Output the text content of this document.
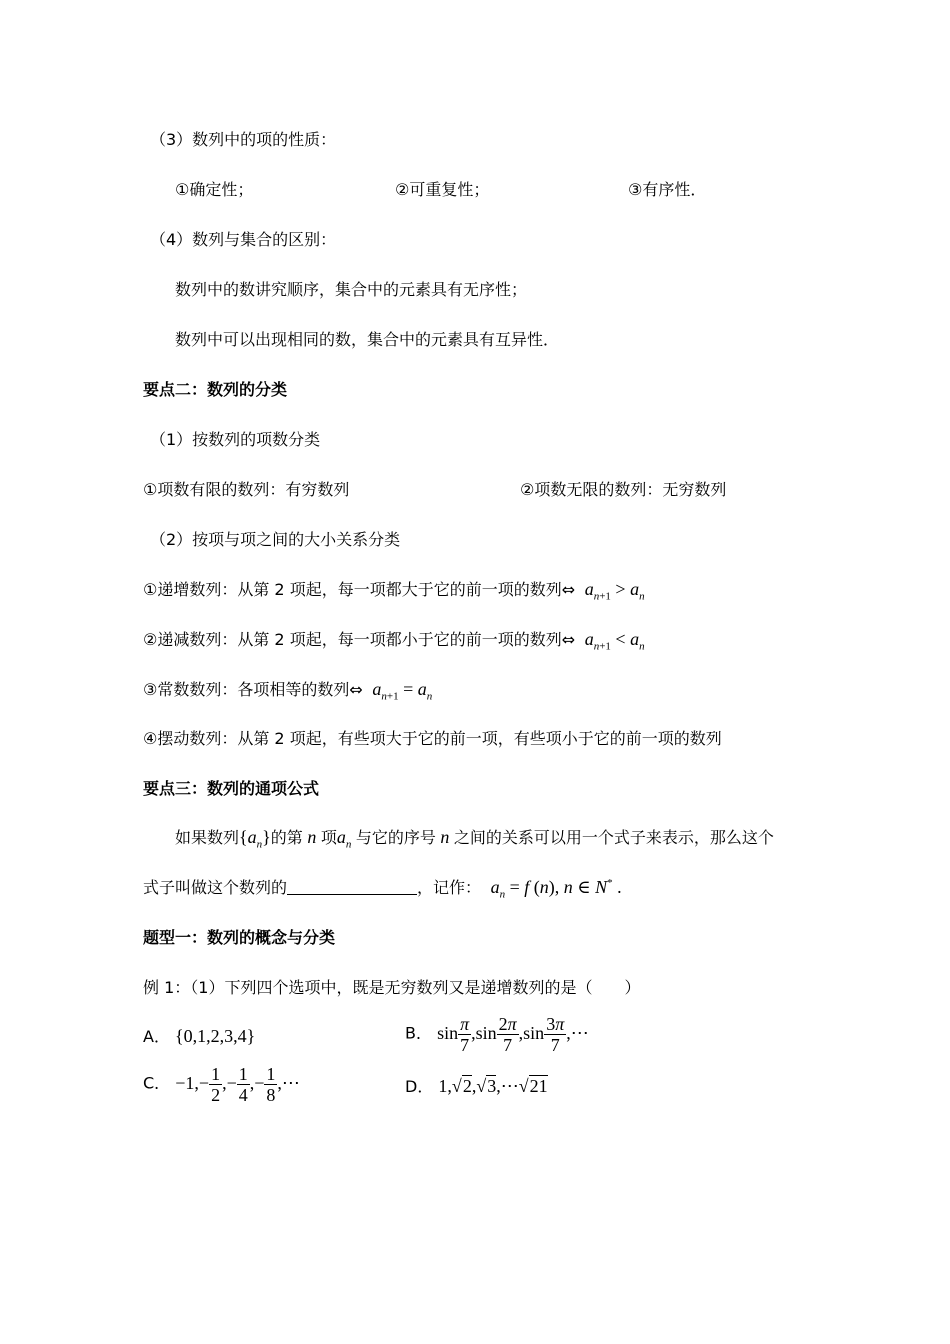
（3）数列中的项的性质：
①确定性；	②可重复性；	③有序性．
（4）数列与集合的区别：
数列中的数讲究顺序，集合中的元素具有无序性；
数列中可以出现相同的数，集合中的元素具有互异性．
要点二：数列的分类
（1）按数列的项数分类
①项数有限的数列：有穷数列	②项数无限的数列：无穷数列
（2）按项与项之间的大小关系分类
①递增数列：从第 2 项起，每一项都大于它的前一项的数列⇔ $a_{n+1} > a_n$
②递减数列：从第 2 项起，每一项都小于它的前一项的数列⇔ $a_{n+1} < a_n$
③常数数列：各项相等的数列⇔ $a_{n+1} = a_n$
④摆动数列：从第 2 项起，有些项大于它的前一项，有些项小于它的前一项的数列
要点三：数列的通项公式
如果数列$\{a_n\}$的第 n 项$a_n$ 与它的序号 n 之间的关系可以用一个式子来表示，那么这个
式子叫做这个数列的	，记作： $a_n = f$ (n), n ∈ N* .
题型一：数列的概念与分类
例 1：（1）下列四个选项中，既是无穷数列又是递增数列的是（　　）
A． {0,1,2,3,4}	B． $\sin \frac{\pi}{7} ,\sin \frac{2\pi}{7} ,\sin \frac{3\pi}{7}$ ,⋯
C． $-1,- \frac{1}{2}$ ,− $\frac{1}{4}$ ,− $\frac{1}{8}$ ,⋯	D． 1,√2,√3,⋯√21
